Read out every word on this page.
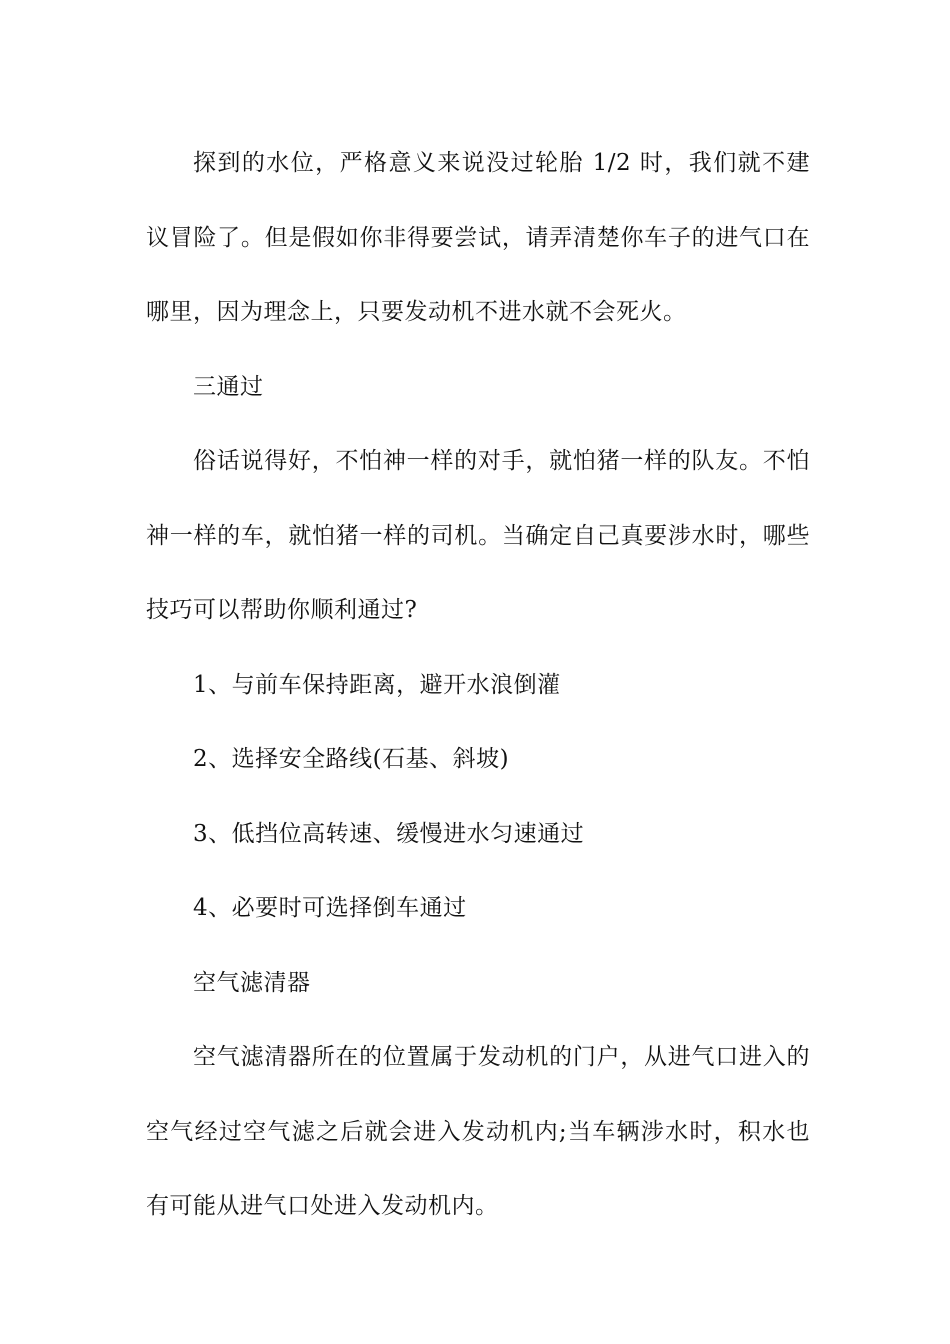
探到的水位，严格意义来说没过轮胎 1/2 时，我们就不建议冒险了。但是假如你非得要尝试，请弄清楚你车子的进气口在哪里，因为理念上，只要发动机不进水就不会死火。

三通过

俗话说得好，不怕神一样的对手，就怕猪一样的队友。不怕神一样的车，就怕猪一样的司机。当确定自己真要涉水时，哪些技巧可以帮助你顺利通过?

1、与前车保持距离，避开水浪倒灌

2、选择安全路线(石基、斜坡)

3、低挡位高转速、缓慢进水匀速通过

4、必要时可选择倒车通过

空气滤清器

空气滤清器所在的位置属于发动机的门户，从进气口进入的空气经过空气滤之后就会进入发动机内;当车辆涉水时，积水也有可能从进气口处进入发动机内。
